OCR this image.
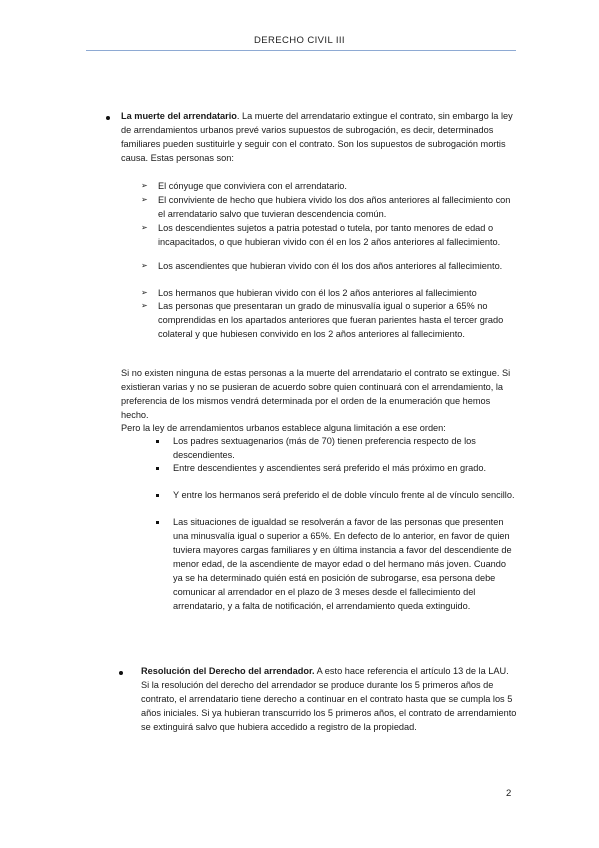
DERECHO CIVIL III
La muerte del arrendatario. La muerte del arrendatario extingue el contrato, sin embargo la ley de arrendamientos urbanos prevé varios supuestos de subrogación, es decir, determinados familiares pueden sustituirle y seguir con el contrato. Son los supuestos de subrogación mortis causa. Estas personas son:
➢ El cónyuge que conviviera con el arrendatario.
➢ El conviviente de hecho que hubiera vivido los dos años anteriores al fallecimiento con el arrendatario salvo que tuvieran descendencia común.
➢ Los descendientes sujetos a patria potestad o tutela, por tanto menores de edad o incapacitados, o que hubieran vivido con él en los 2 años anteriores al fallecimiento.
➢ Los ascendientes que hubieran vivido con él los dos años anteriores al fallecimiento.
➢ Los hermanos que hubieran vivido con él los 2 años anteriores al fallecimiento
➢ Las personas que presentaran un grado de minusvalía igual o superior a 65% no comprendidas en los apartados anteriores que fueran parientes hasta el tercer grado colateral y que hubiesen convivido en los 2 años anteriores al fallecimiento.
Si no existen ninguna de estas personas a la muerte del arrendatario el contrato se extingue. Si existieran varias y no se pusieran de acuerdo sobre quien continuará con el arrendamiento, la preferencia de los mismos vendrá determinada por el orden de la enumeración que hemos hecho.
Pero la ley de arrendamientos urbanos establece alguna limitación a ese orden:
Los padres sextuagenarios (más de 70) tienen preferencia respecto de los descendientes.
Entre descendientes y ascendientes será preferido el más próximo en grado.
Y entre los hermanos será preferido el de doble vínculo frente al de vínculo sencillo.
Las situaciones de igualdad se resolverán a favor de las personas que presenten una minusvalía igual o superior a 65%. En defecto de lo anterior, en favor de quien tuviera mayores cargas familiares y en última instancia a favor del descendiente de menor edad, de la ascendiente de mayor edad o del hermano más joven. Cuando ya se ha determinado quién está en posición de subrogarse, esa persona debe comunicar al arrendador en el plazo de 3 meses desde el fallecimiento del arrendatario, y a falta de notificación, el arrendamiento queda extinguido.
Resolución del Derecho del arrendador. A esto hace referencia el artículo 13 de la LAU. Si la resolución del derecho del arrendador se produce durante los 5 primeros años de contrato, el arrendatario tiene derecho a continuar en el contrato hasta que se cumpla los 5 años iniciales. Si ya hubieran transcurrido los 5 primeros años, el contrato de arrendamiento se extinguirá salvo que hubiera accedido a registro de la propiedad.
2
